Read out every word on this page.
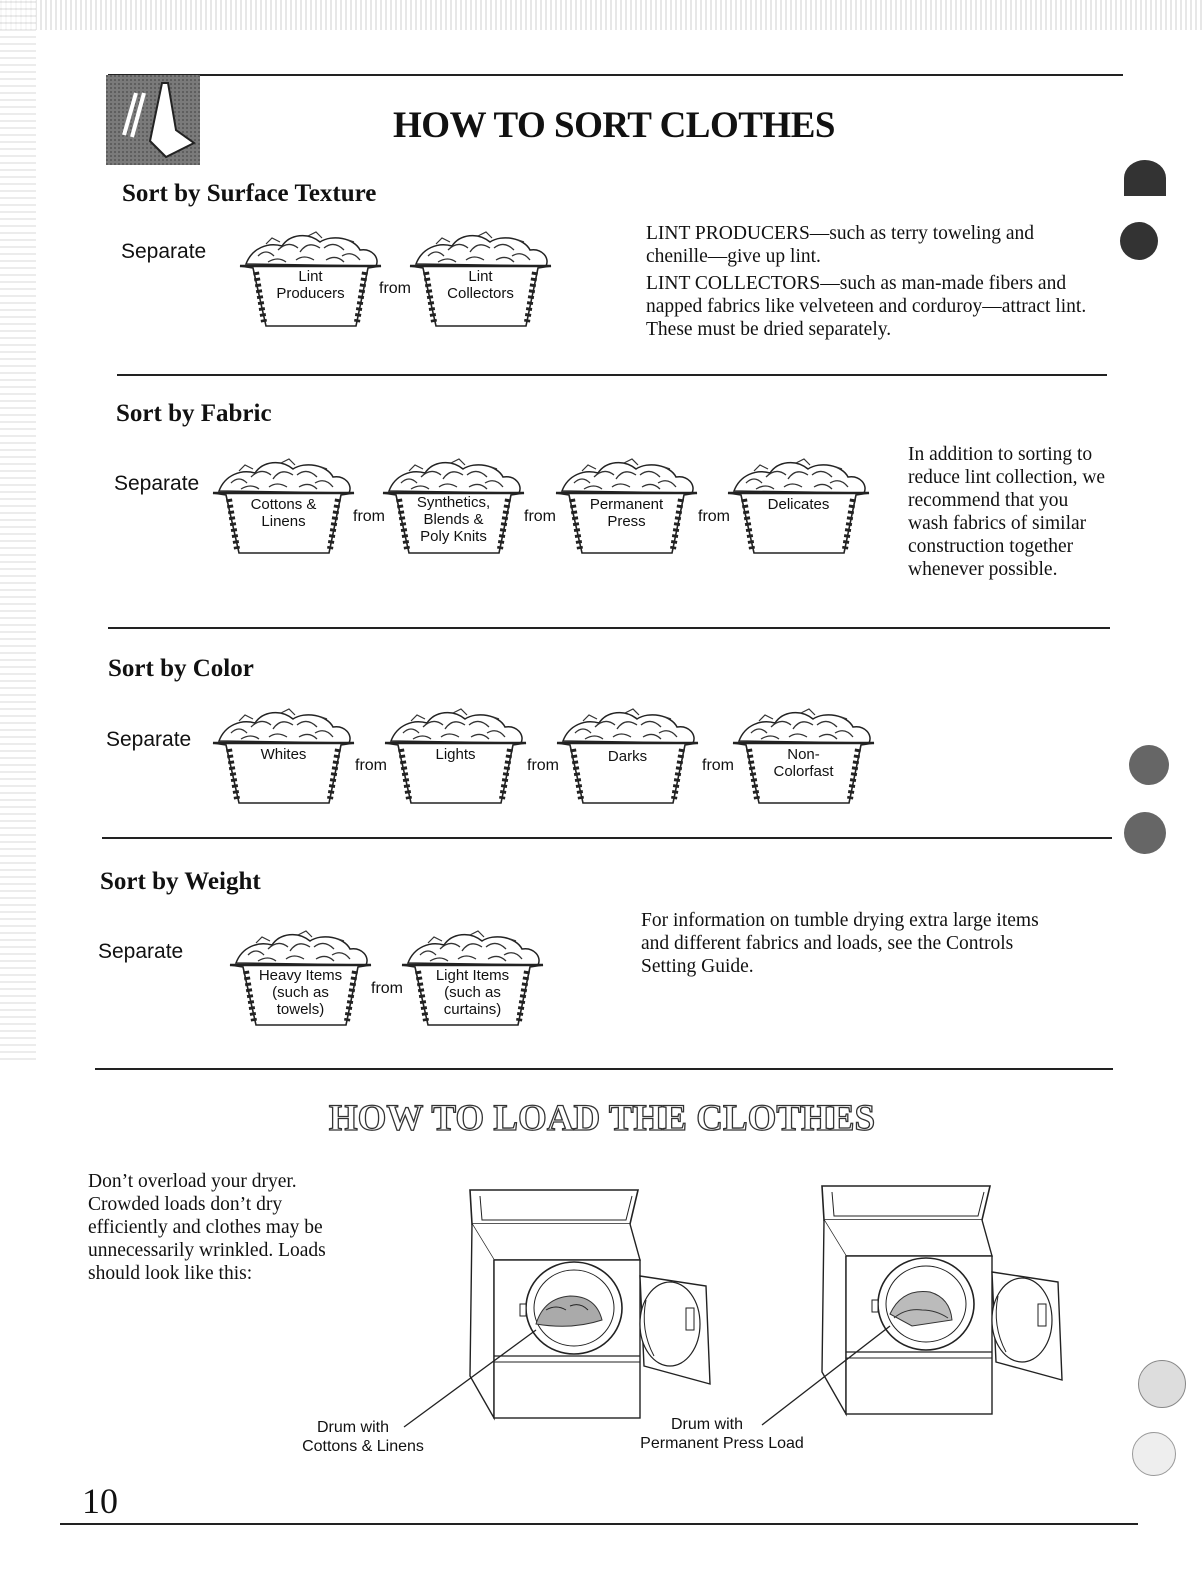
HOW TO SORT CLOTHES
Sort by Surface Texture
Separate
Lint
Producers	from
Lint
Collectors
LINT PRODUCERS—such as terry toweling and chenille—give up lint.
LINT COLLECTORS—such as man-made fibers and napped fabrics like velveteen and corduroy—attract lint. These must be dried separately.
Sort by Fabric
Separate
Cottons &
Linens	from
Synthetics,
Blends &
Poly Knits
from
Permanent
Press	from
Delicates
In addition to sorting to reduce lint collection, we recommend that you wash fabrics of similar construction together whenever possible.
Sort by Color
Separate
Whites
from
Lights
from
Darks
from
Non-
Colorfast
Sort by Weight
Separate
Heavy Items
(such as
towels)
from
Light Items
(such as
curtains)
For information on tumble drying extra large items and different fabrics and loads, see the Controls Setting Guide.
HOW TO LOAD THE CLOTHES
Don’t overload your dryer. Crowded loads don’t dry efficiently and clothes may be unnecessarily wrinkled. Loads should look like this:
Drum with
Cottons & Linens
Drum with
Permanent Press Load
10
